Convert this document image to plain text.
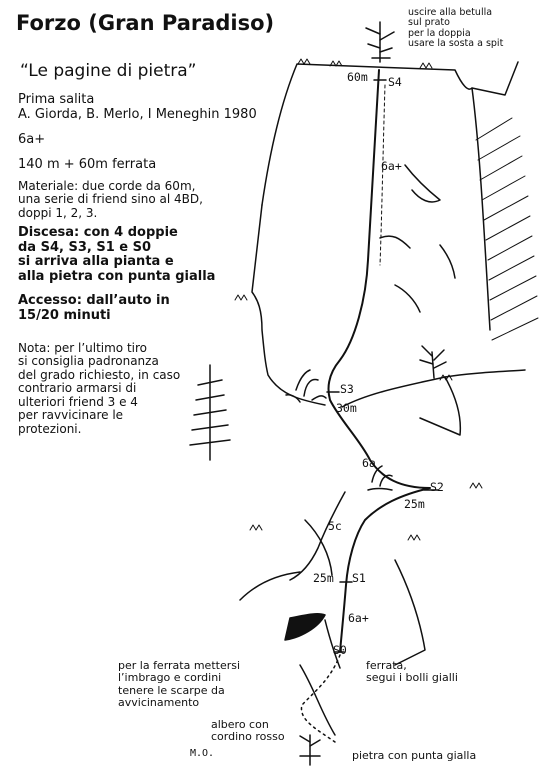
Forzo (Gran Paradiso)

“Le pagine di pietra”

Prima salita
A. Giorda, B. Merlo, I Meneghin 1980

6a+

140 m + 60m ferrata

Materiale: due corde da 60m,
una serie di friend sino al 4BD,
doppi 1, 2, 3.
Discesa: con 4 doppie
da S4, S3, S1 e S0
si arriva alla pianta e
alla pietra con punta gialla
Accesso: dall’auto in
15/20 minuti
Nota: per l’ultimo tiro
si consiglia padronanza
del grado richiesto, in caso
contrario armarsi di
ulteriori friend 3 e 4
per ravvicinare le
protezioni.
uscire alla betulla
sul prato
per la doppia
usare la sosta a spit
60m S4
6a+
S3
30m
6a
S2
25m
5c
25m S1
6a+
S0
per la ferrata mettersi
l’imbrago e cordini
tenere le scarpe da
avvicinamento
ferrata,
segui i bolli gialli
albero con
cordino rosso
M.O.	pietra con punta gialla
